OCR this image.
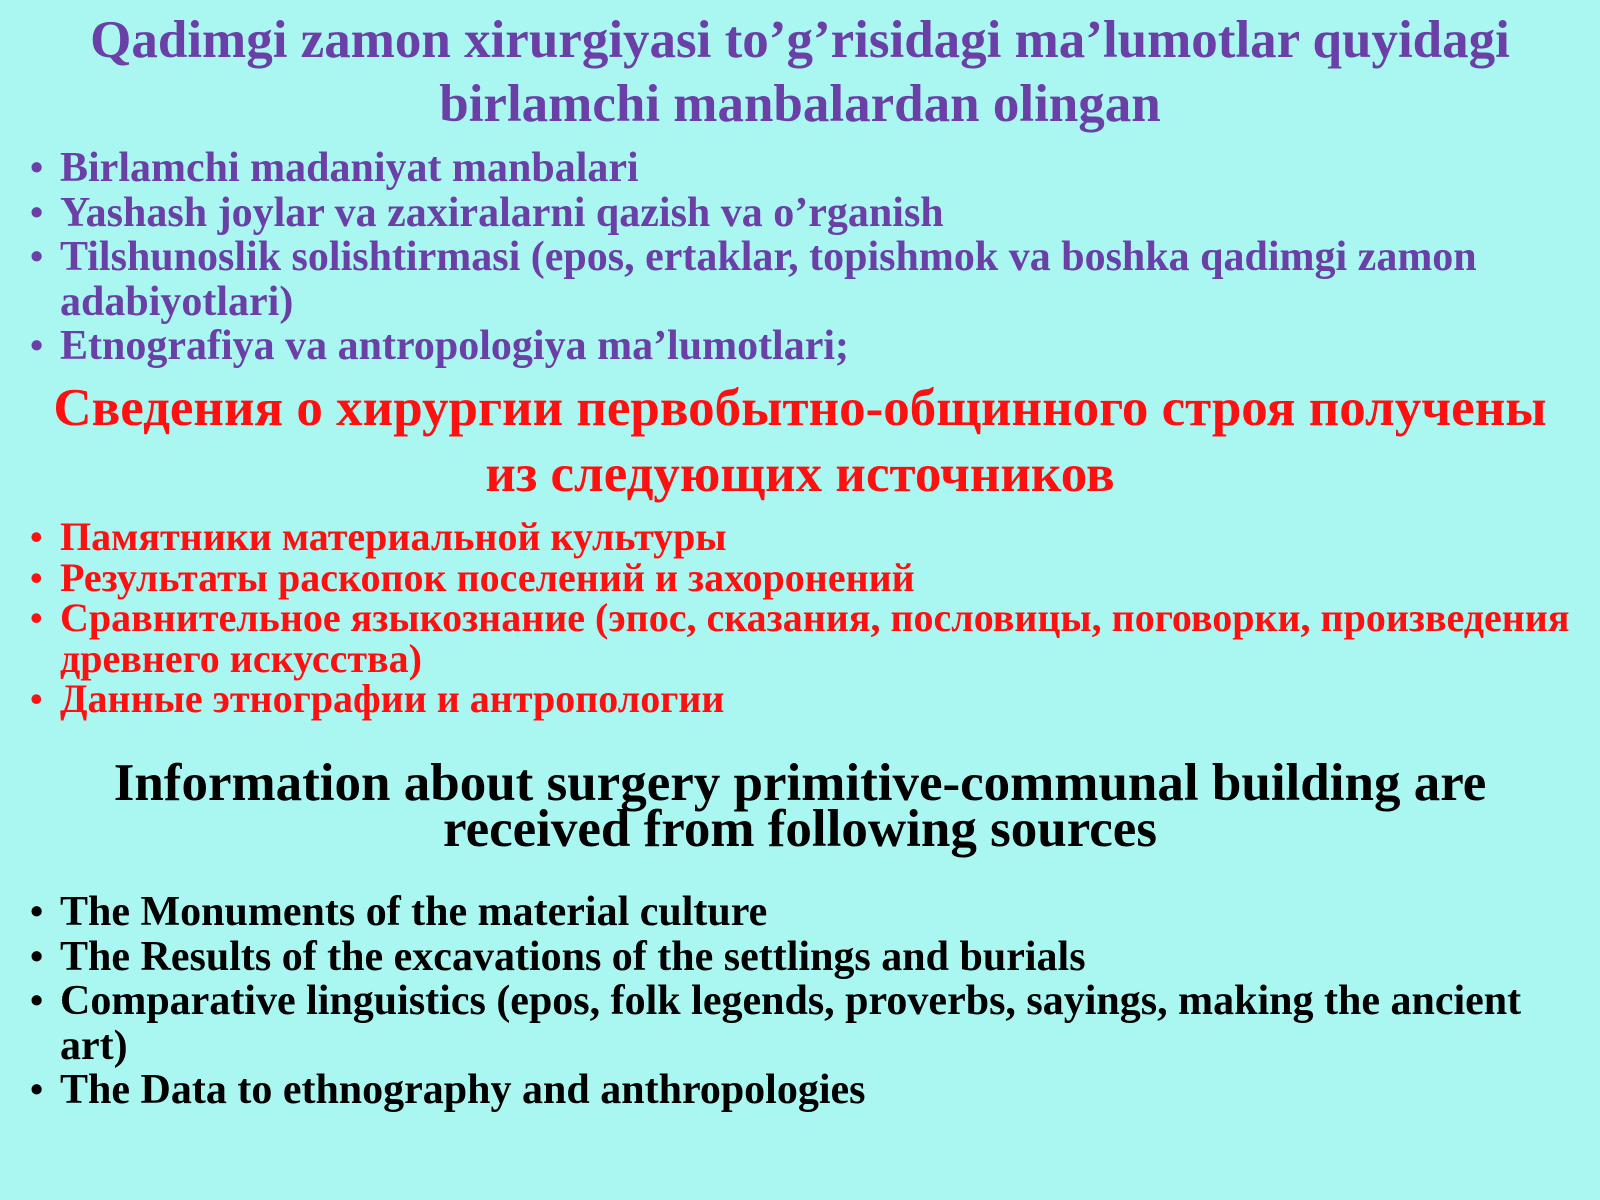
Qadimgi zamon xirurgiyasi to’g’risidagi ma’lumotlar quyidagi birlamchi manbalardan olingan
• Birlamchi madaniyat manbalari
• Yashash joylar va zaxiralarni qazish va o’rganish
• Tilshunoslik solishtirmasi (epos, ertaklar, topishmok va boshka qadimgi zamon adabiyotlari)
• Etnografiya va antropologiya ma’lumotlari;
Сведения о хирургии первобытно-общинного строя получены из следующих источников
• Памятники материальной культуры
• Результаты раскопок поселений и захоронений
• Сравнительное языкознание (эпос, сказания, пословицы, поговорки, произведения древнего искусства)
• Данные этнографии и антропологии
Information about surgery primitive-communal building are received from following sources
• The Monuments of the material culture
• The Results of the excavations of the settlings and burials
• Comparative linguistics (epos, folk legends, proverbs, sayings, making the ancient art)
• The Data to ethnography and anthropologies
